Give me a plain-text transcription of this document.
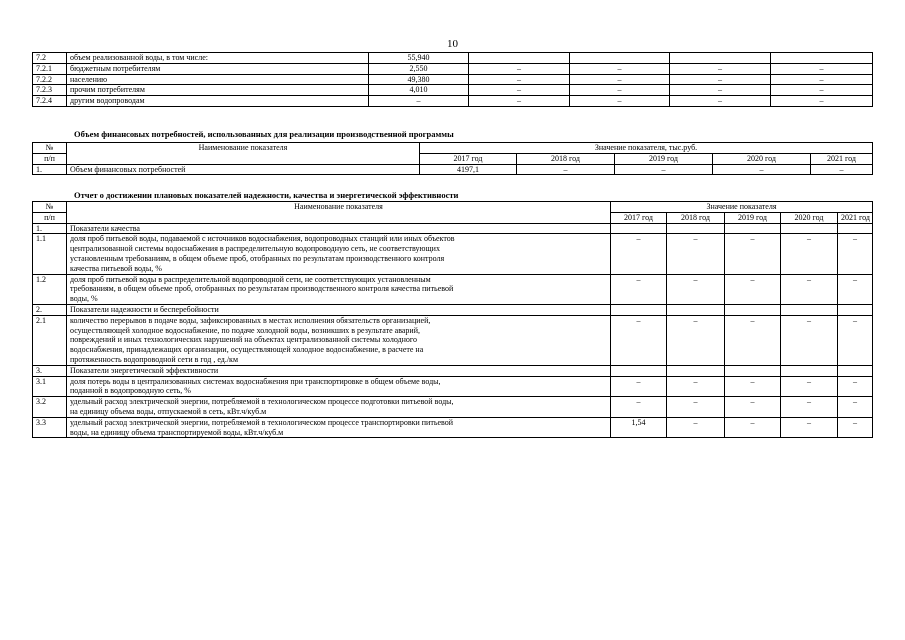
10
7.2	объем реализованной воды, в том числе:	55,940				
7.2.1	бюджетным потребителям	2,550	–	–	–	–
7.2.2	населению	49,380	–	–	–	–
7.2.3	прочим потребителям	4,010	–	–	–	–
7.2.4	другим водопроводам	–	–	–	–	–
Объем финансовых потребностей, использованных для реализации производственной программы
№	Наименование показателя	Значение показателя, тыс.руб.				
п/п		2017 год	2018 год	2019 год	2020 год	2021 год
1.	Объем финансовых потребностей	4197,1	–	–	–	–
Отчет о достижении плановых показателей надежности, качества и энергетической эффективности
№	Наименование показателя	Значение показателя				
п/п		2017 год	2018 год	2019 год	2020 год	2021 год
1.	Показатели качества					
1.1	доля проб питьевой воды, подаваемой с источников водоснабжения, водопроводных станций или иных объектов
централизованной системы водоснабжения в распределительную водопроводную сеть, не соответствующих
установленным требованиям, в общем объеме проб, отобранных по результатам производственного контроля
качества питьевой воды, %	–	–	–	–	–
1.2	доля проб питьевой воды в распределительной водопроводной сети, не соответствующих установленным
требованиям, в общем объеме проб, отобранных по результатам производственного контроля качества питьевой
воды, %	–	–	–	–	–
2.	Показатели надежности и бесперебойности					
2.1	количество перерывов в подаче воды, зафиксированных в местах исполнения обязательств организацией,
осуществляющей холодное водоснабжение, по подаче холодной воды, возникших в результате аварий,
повреждений и иных технологических нарушений на объектах централизованной системы холодного
водоснабжения, принадлежащих организации, осуществляющей холодное водоснабжение, в расчете на
протяженность водопроводной сети в год , ед./км	–	–	–	–	–
3.	Показатели энергетической эффективности					
3.1	доля потерь воды в централизованных системах водоснабжения при транспортировке в общем объеме воды,
поданной в водопроводную сеть, %	–	–	–	–	–
3.2	удельный расход электрической энергии, потребляемой в технологическом процессе подготовки питьевой воды,
на единицу объема воды, отпускаемой в сеть, кВт.ч/куб.м	–	–	–	–	–
3.3	удельный расход электрической энергии, потребляемой в технологическом процессе транспортировки питьевой
воды, на единицу объема транспортируемой воды, кВт.ч/куб.м	1,54	–	–	–	–
